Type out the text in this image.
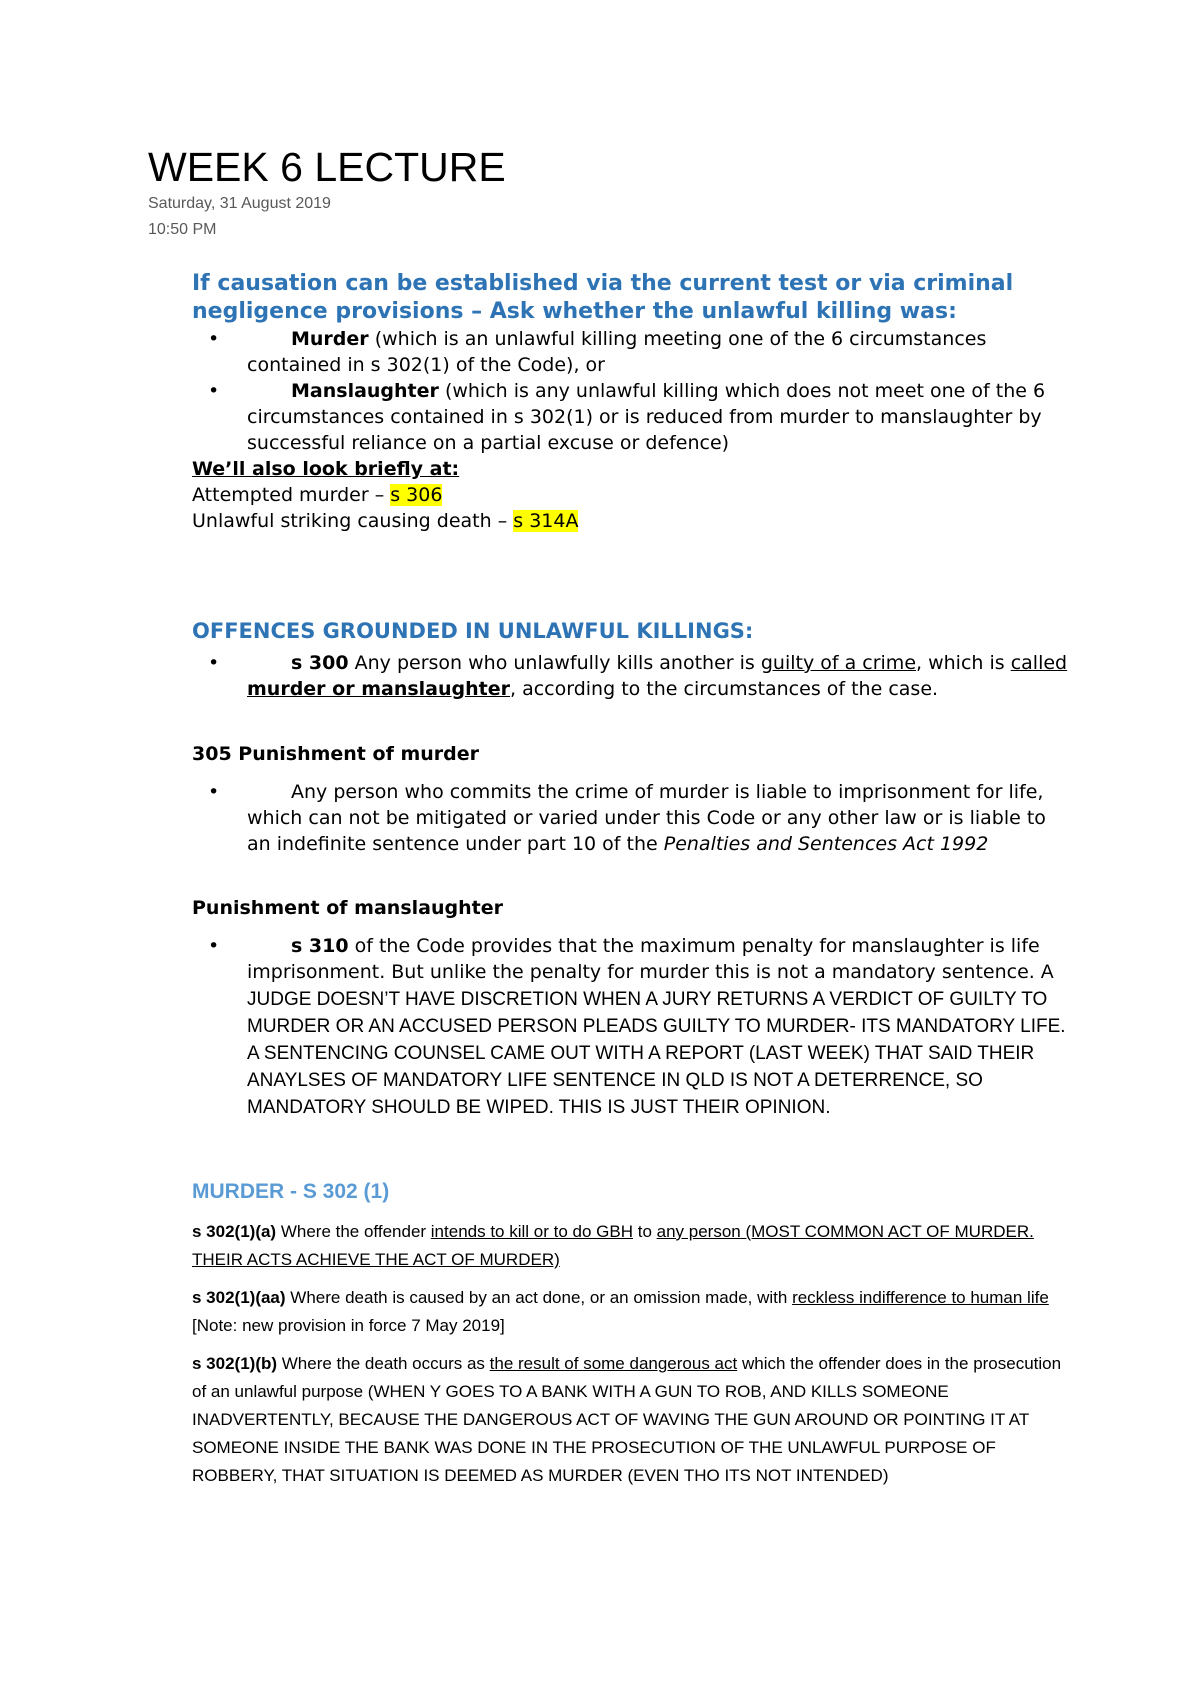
WEEK 6 LECTURE
Saturday, 31 August 2019
10:50 PM
If causation can be established via the current test or via criminal negligence provisions – Ask whether the unlawful killing was:
•	Murder (which is an unlawful killing meeting one of the 6 circumstances contained in s 302(1) of the Code), or
•	Manslaughter (which is any unlawful killing which does not meet one of the 6 circumstances contained in s 302(1) or is reduced from murder to manslaughter by successful reliance on a partial excuse or defence)

We’ll also look briefly at:

Attempted murder – s 306

Unlawful striking causing death – s 314A

OFFENCES GROUNDED IN UNLAWFUL KILLINGS:
•	s 300 Any person who unlawfully kills another is guilty of a crime, which is called murder or manslaughter, according to the circumstances of the case.
305 Punishment of murder
•	Any person who commits the crime of murder is liable to imprisonment for life, which can not be mitigated or varied under this Code or any other law or is liable to an indefinite sentence under part 10 of the Penalties and Sentences Act 1992
Punishment of manslaughter
•	s 310 of the Code provides that the maximum penalty for manslaughter is life imprisonment. But unlike the penalty for murder this is not a mandatory sentence. A JUDGE DOESN’T HAVE DISCRETION WHEN A JURY RETURNS A VERDICT OF GUILTY TO MURDER OR AN ACCUSED PERSON PLEADS GUILTY TO MURDER- ITS MANDATORY LIFE. A SENTENCING COUNSEL CAME OUT WITH A REPORT (LAST WEEK) THAT SAID THEIR ANAYLSES OF MANDATORY LIFE SENTENCE IN QLD IS NOT A DETERRENCE, SO MANDATORY SHOULD BE WIPED. THIS IS JUST THEIR OPINION.
MURDER - S 302 (1)

s 302(1)(a) Where the offender intends to kill or to do GBH to any person (MOST COMMON ACT OF MURDER. THEIR ACTS ACHIEVE THE ACT OF MURDER)

s 302(1)(aa) Where death is caused by an act done, or an omission made, with reckless indifference to human life [Note: new provision in force 7 May 2019]

s 302(1)(b) Where the death occurs as the result of some dangerous act which the offender does in the prosecution of an unlawful purpose (WHEN Y GOES TO A BANK WITH A GUN TO ROB, AND KILLS SOMEONE INADVERTENTLY, BECAUSE THE DANGEROUS ACT OF WAVING THE GUN AROUND OR POINTING IT AT SOMEONE INSIDE THE BANK WAS DONE IN THE PROSECUTION OF THE UNLAWFUL PURPOSE OF ROBBERY, THAT SITUATION IS DEEMED AS MURDER (EVEN THO ITS NOT INTENDED)
